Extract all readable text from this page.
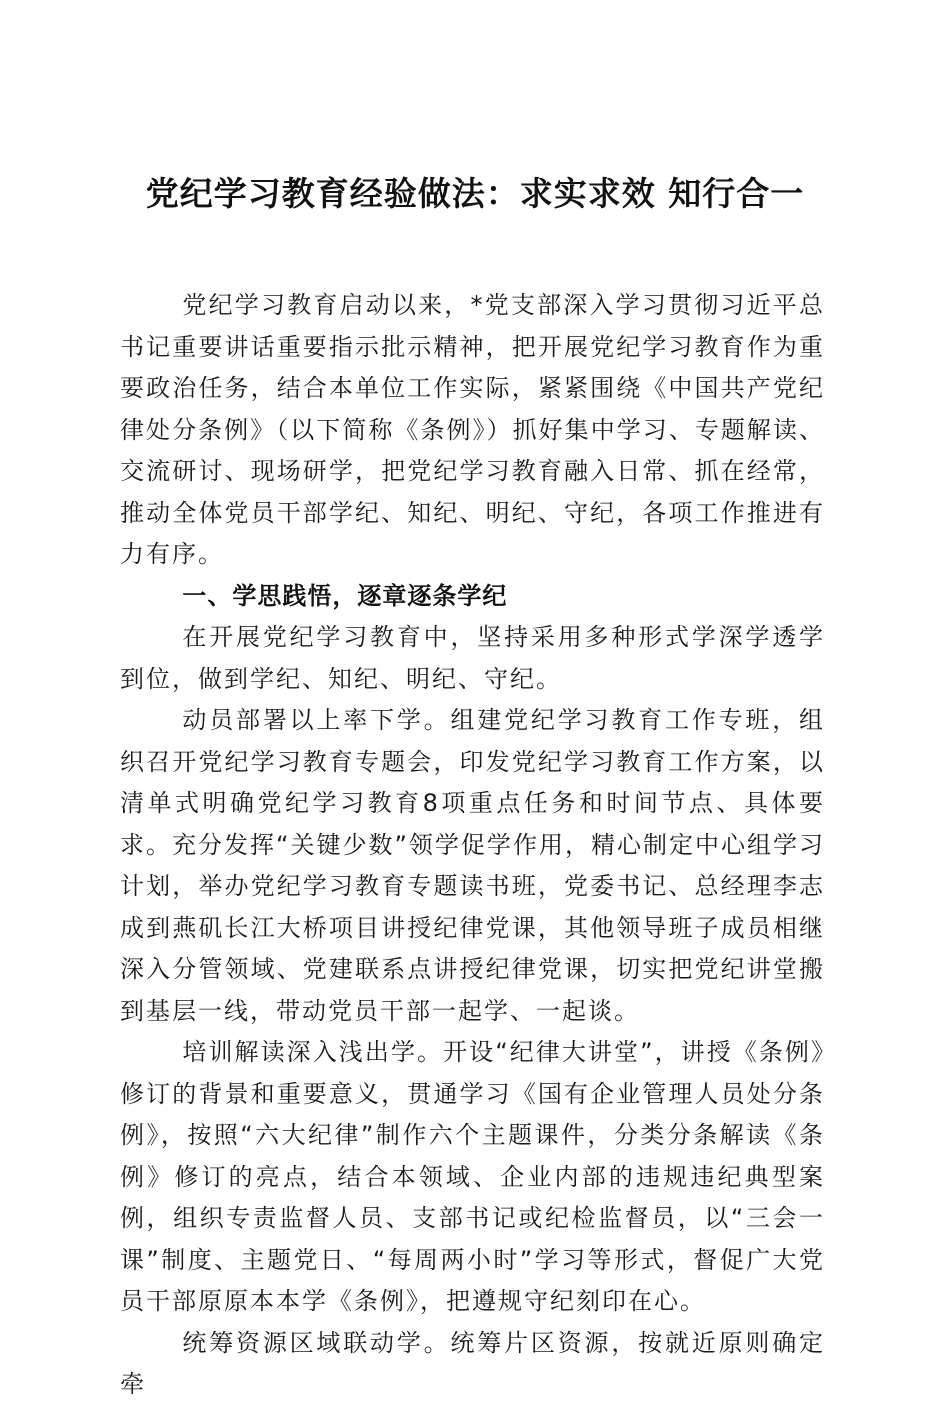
党纪学习教育经验做法：求实求效 知行合一

党纪学习教育启动以来，*党支部深入学习贯彻习近平总书记重要讲话重要指示批示精神，把开展党纪学习教育作为重要政治任务，结合本单位工作实际，紧紧围绕《中国共产党纪律处分条例》（以下简称《条例》）抓好集中学习、专题解读、交流研讨、现场研学，把党纪学习教育融入日常、抓在经常，推动全体党员干部学纪、知纪、明纪、守纪，各项工作推进有力有序。

一、学思践悟，逐章逐条学纪

在开展党纪学习教育中，坚持采用多种形式学深学透学到位，做到学纪、知纪、明纪、守纪。

动员部署以上率下学。组建党纪学习教育工作专班，组织召开党纪学习教育专题会，印发党纪学习教育工作方案，以清单式明确党纪学习教育8项重点任务和时间节点、具体要求。充分发挥“关键少数”领学促学作用，精心制定中心组学习计划，举办党纪学习教育专题读书班，党委书记、总经理李志成到燕矶长江大桥项目讲授纪律党课，其他领导班子成员相继深入分管领域、党建联系点讲授纪律党课，切实把党纪讲堂搬到基层一线，带动党员干部一起学、一起谈。

培训解读深入浅出学。开设“纪律大讲堂”，讲授《条例》修订的背景和重要意义，贯通学习《国有企业管理人员处分条例》，按照“六大纪律”制作六个主题课件，分类分条解读《条例》修订的亮点，结合本领域、企业内部的违规违纪典型案例，组织专责监督人员、支部书记或纪检监督员，以“三会一课”制度、主题党日、“每周两小时”学习等形式，督促广大党员干部原原本本学《条例》，把遵规守纪刻印在心。

统筹资源区域联动学。统筹片区资源，按就近原则确定牵
